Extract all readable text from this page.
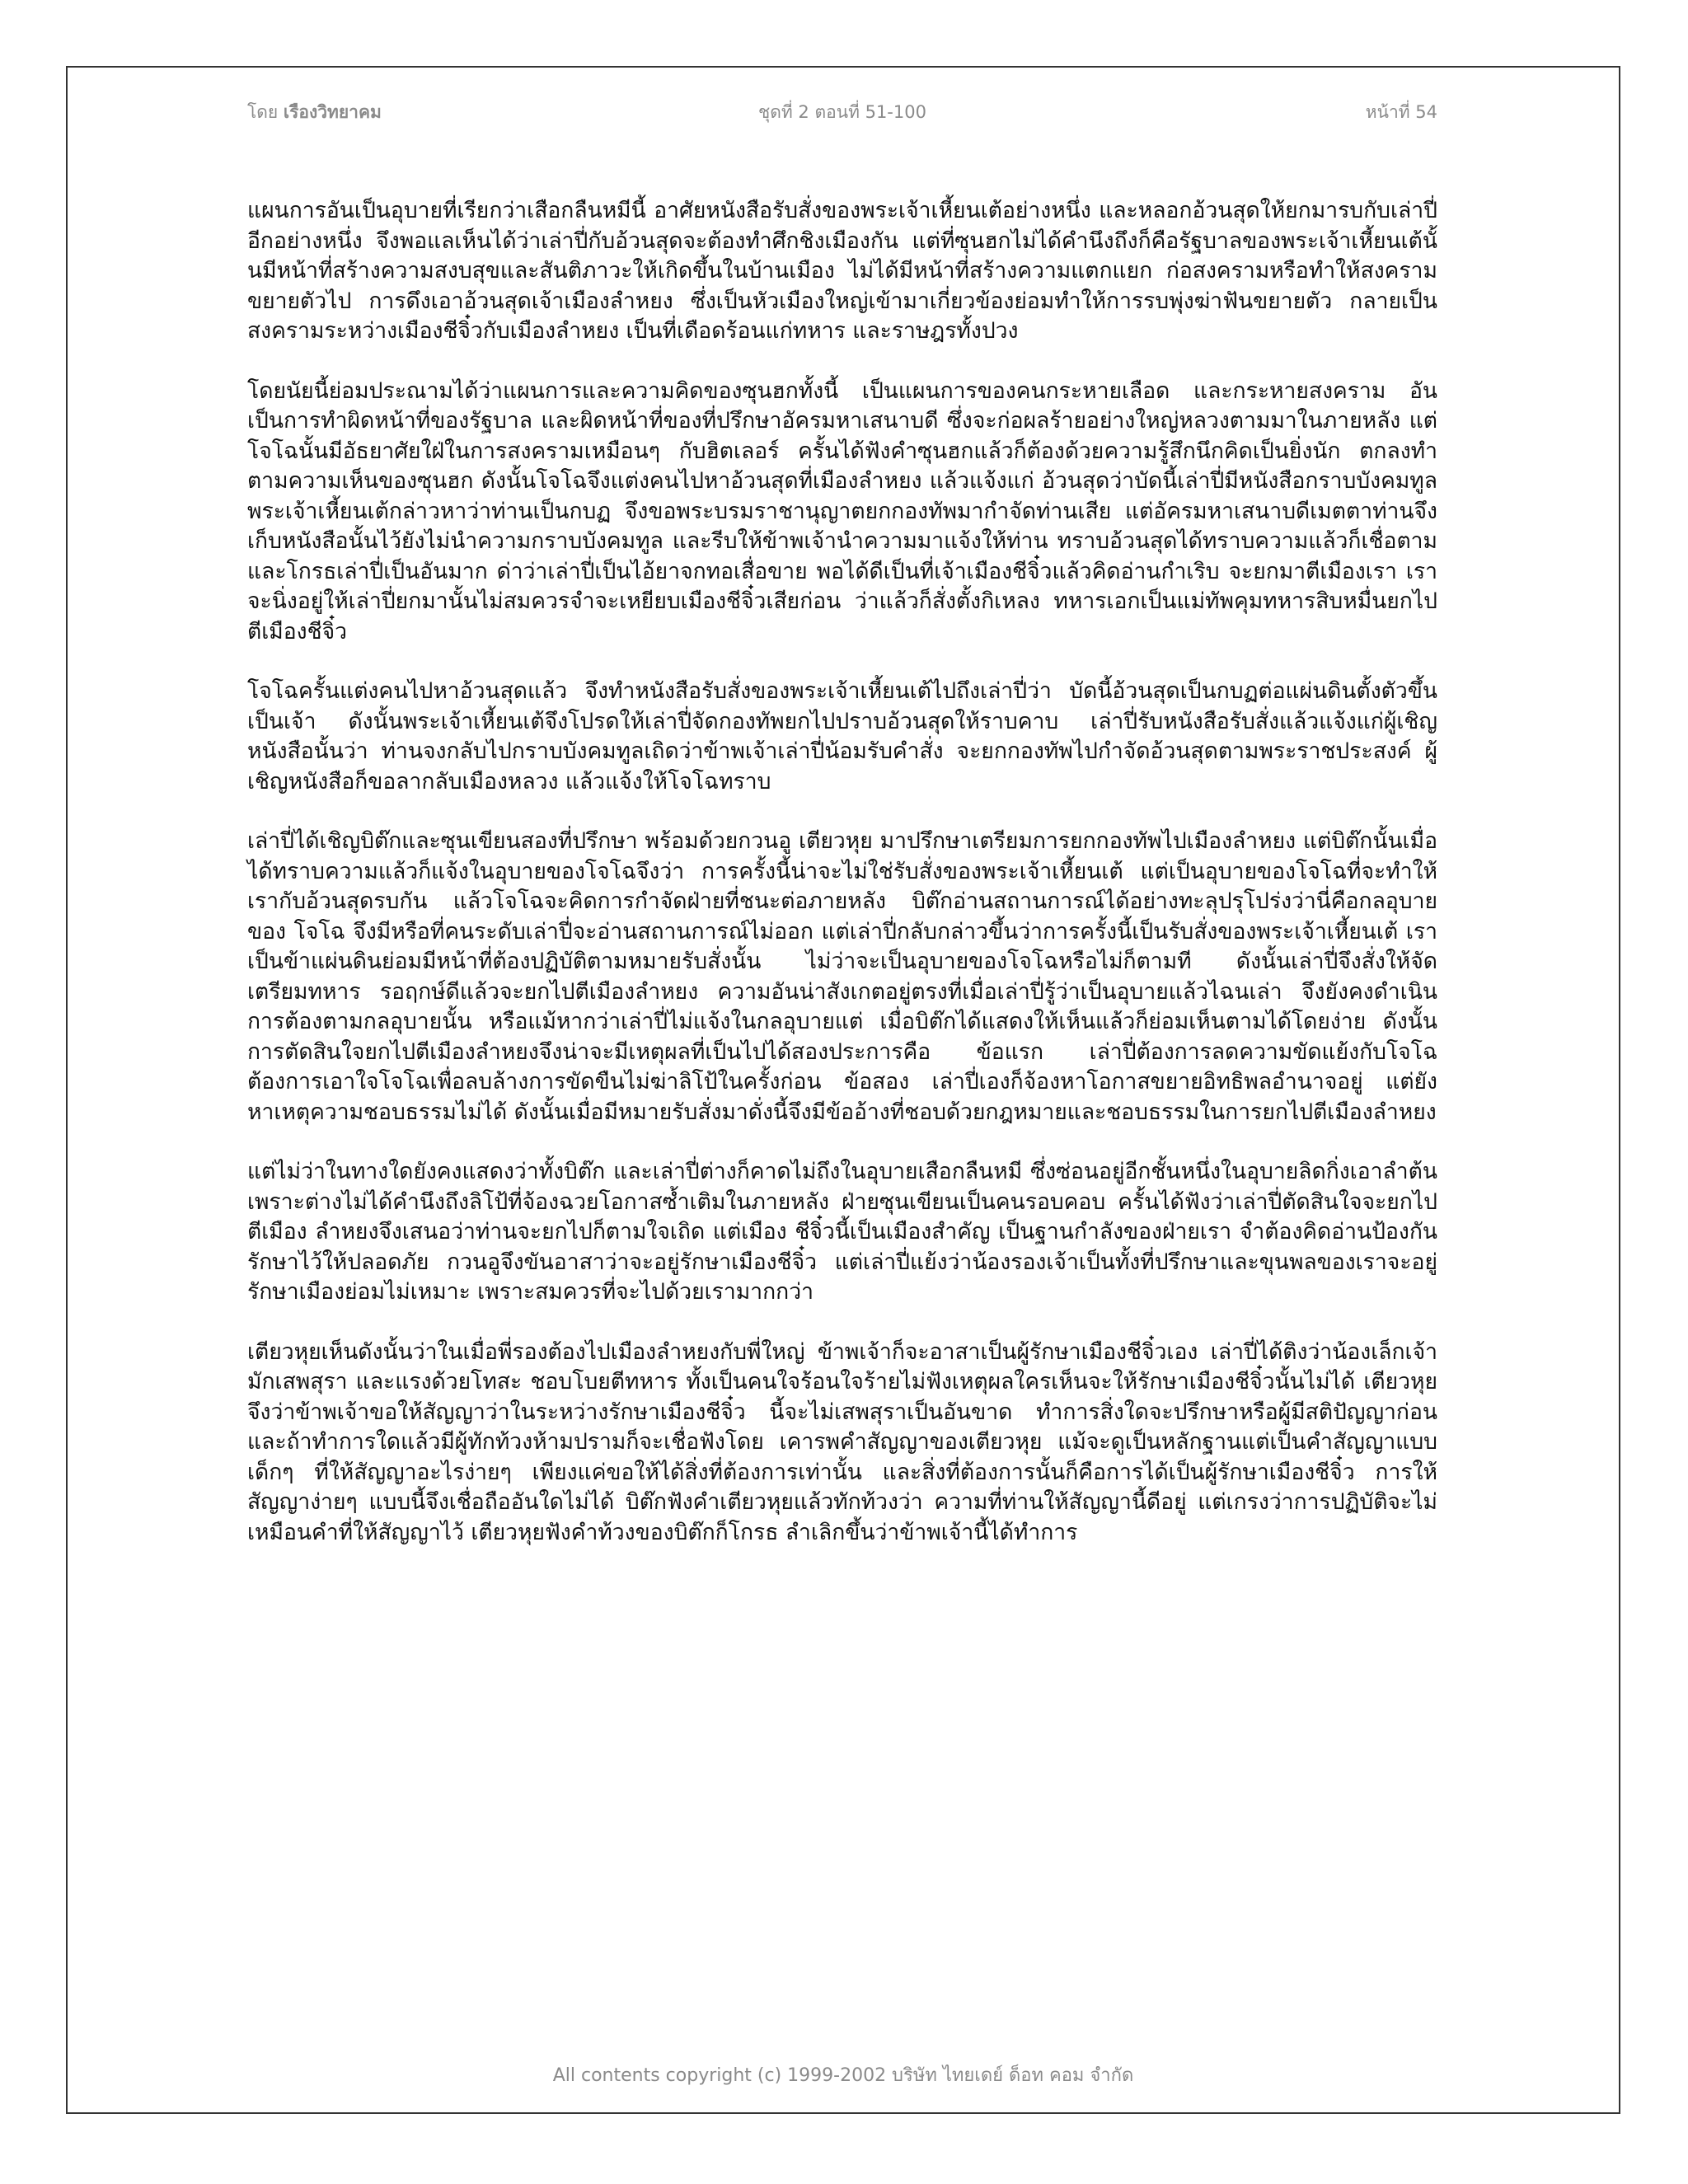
โดย เรืองวิทยาคม	ชุดที่ 2 ตอนที่ 51-100	หน้าที่ 54

แผนการอันเป็นอุบายที่เรียกว่าเสือกลืนหมีนี้ อาศัยหนังสือรับสั่งของพระเจ้าเหี้ยนเต้อย่างหนึ่ง และหลอกอ้วนสุดให้ยกมารบกับเล่าปี่อีกอย่างหนึ่ง จึงพอแลเห็นได้ว่าเล่าปี่กับอ้วนสุดจะต้องทำศึกชิงเมืองกัน แต่ที่ซุนฮกไม่ได้คำนึงถึงก็คือรัฐบาลของพระเจ้าเหี้ยนเต้นั้นมีหน้าที่สร้างความสงบสุขและสันติภาวะให้เกิดขึ้นในบ้านเมือง ไม่ได้มีหน้าที่สร้างความแตกแยก ก่อสงครามหรือทำให้สงครามขยายตัวไป การดึงเอาอ้วนสุดเจ้าเมืองลำหยง ซึ่งเป็นหัวเมืองใหญ่เข้ามาเกี่ยวข้องย่อมทำให้การรบพุ่งฆ่าฟันขยายตัว กลายเป็นสงครามระหว่างเมืองชีจิ๋วกับเมืองลำหยง เป็นที่เดือดร้อนแก่ทหาร และราษฎรทั้งปวง

โดยนัยนี้ย่อมประณามได้ว่าแผนการและความคิดของซุนฮกทั้งนี้ เป็นแผนการของคนกระหายเลือด และกระหายสงคราม อันเป็นการทำผิดหน้าที่ของรัฐบาล และผิดหน้าที่ของที่ปรึกษาอัครมหาเสนาบดี ซึ่งจะก่อผลร้ายอย่างใหญ่หลวงตามมาในภายหลัง แต่โจโฉนั้นมีอัธยาศัยใฝ่ในการสงครามเหมือนๆ กับฮิตเลอร์ ครั้นได้ฟังคำซุนฮกแล้วก็ต้องด้วยความรู้สึกนึกคิดเป็นยิ่งนัก ตกลงทำตามความเห็นของซุนฮก ดังนั้นโจโฉจึงแต่งคนไปหาอ้วนสุดที่เมืองลำหยง แล้วแจ้งแก่ อ้วนสุดว่าบัดนี้เล่าปี่มีหนังสือกราบบังคมทูลพระเจ้าเหี้ยนเต้กล่าวหาว่าท่านเป็นกบฏ จึงขอพระบรมราชานุญาตยกกองทัพมากำจัดท่านเสีย แต่อัครมหาเสนาบดีเมตตาท่านจึงเก็บหนังสือนั้นไว้ยังไม่นำความกราบบังคมทูล และรีบให้ข้าพเจ้านำความมาแจ้งให้ท่าน ทราบอ้วนสุดได้ทราบความแล้วก็เชื่อตาม และโกรธเล่าปี่เป็นอันมาก ด่าว่าเล่าปี่เป็นไอ้ยาจกทอเสื่อขาย พอได้ดีเป็นที่เจ้าเมืองชีจิ๋วแล้วคิดอ่านกำเริบ จะยกมาตีเมืองเรา เราจะนิ่งอยู่ให้เล่าปี่ยกมานั้นไม่สมควรจำจะเหยียบเมืองชีจิ๋วเสียก่อน ว่าแล้วก็สั่งตั้งกิเหลง ทหารเอกเป็นแม่ทัพคุมทหารสิบหมื่นยกไปตีเมืองชีจิ๋ว

โจโฉครั้นแต่งคนไปหาอ้วนสุดแล้ว จึงทำหนังสือรับสั่งของพระเจ้าเหี้ยนเต้ไปถึงเล่าปี่ว่า บัดนี้อ้วนสุดเป็นกบฏต่อแผ่นดินตั้งตัวขึ้นเป็นเจ้า ดังนั้นพระเจ้าเหี้ยนเต้จึงโปรดให้เล่าปี่จัดกองทัพยกไปปราบอ้วนสุดให้ราบคาบ เล่าปี่รับหนังสือรับสั่งแล้วแจ้งแก่ผู้เชิญหนังสือนั้นว่า ท่านจงกลับไปกราบบังคมทูลเถิดว่าข้าพเจ้าเล่าปี่น้อมรับคำสั่ง จะยกกองทัพไปกำจัดอ้วนสุดตามพระราชประสงค์ ผู้เชิญหนังสือก็ขอลากลับเมืองหลวง แล้วแจ้งให้โจโฉทราบ

เล่าปี่ได้เชิญบิต๊กและซุนเขียนสองที่ปรึกษา พร้อมด้วยกวนอู เตียวหุย มาปรึกษาเตรียมการยกกองทัพไปเมืองลำหยง แต่บิต๊กนั้นเมื่อได้ทราบความแล้วก็แจ้งในอุบายของโจโฉจึงว่า การครั้งนี้น่าจะไม่ใช่รับสั่งของพระเจ้าเหี้ยนเต้ แต่เป็นอุบายของโจโฉที่จะทำให้เรากับอ้วนสุดรบกัน แล้วโจโฉจะคิดการกำจัดฝ่ายที่ชนะต่อภายหลัง บิต๊กอ่านสถานการณ์ได้อย่างทะลุปรุโปร่งว่านี่คือกลอุบายของ โจโฉ จึงมีหรือที่คนระดับเล่าปี่จะอ่านสถานการณ์ไม่ออก แต่เล่าปี่กลับกล่าวขึ้นว่าการครั้งนี้เป็นรับสั่งของพระเจ้าเหี้ยนเต้ เราเป็นข้าแผ่นดินย่อมมีหน้าที่ต้องปฏิบัติตามหมายรับสั่งนั้น ไม่ว่าจะเป็นอุบายของโจโฉหรือไม่ก็ตามที ดังนั้นเล่าปี่จึงสั่งให้จัดเตรียมทหาร รอฤกษ์ดีแล้วจะยกไปตีเมืองลำหยง ความอันน่าสังเกตอยู่ตรงที่เมื่อเล่าปี่รู้ว่าเป็นอุบายแล้วไฉนเล่า จึงยังคงดำเนินการต้องตามกลอุบายนั้น หรือแม้หากว่าเล่าปี่ไม่แจ้งในกลอุบายแต่ เมื่อบิต๊กได้แสดงให้เห็นแล้วก็ย่อมเห็นตามได้โดยง่าย ดังนั้นการตัดสินใจยกไปตีเมืองลำหยงจึงน่าจะมีเหตุผลที่เป็นไปได้สองประการคือ ข้อแรก เล่าปี่ต้องการลดความขัดแย้งกับโจโฉ ต้องการเอาใจโจโฉเพื่อลบล้างการขัดขืนไม่ฆ่าลิโป้ในครั้งก่อน ข้อสอง เล่าปี่เองก็จ้องหาโอกาสขยายอิทธิพลอำนาจอยู่ แต่ยังหาเหตุความชอบธรรมไม่ได้ ดังนั้นเมื่อมีหมายรับสั่งมาดั่งนี้จึงมีข้ออ้างที่ชอบด้วยกฎหมายและชอบธรรมในการยกไปตีเมืองลำหยง

แต่ไม่ว่าในทางใดยังคงแสดงว่าทั้งบิต๊ก และเล่าปี่ต่างก็คาดไม่ถึงในอุบายเสือกลืนหมี ซึ่งซ่อนอยู่อีกชั้นหนึ่งในอุบายลิดกิ่งเอาลำต้น เพราะต่างไม่ได้คำนึงถึงลิโป้ที่จ้องฉวยโอกาสซ้ำเติมในภายหลัง ฝ่ายซุนเขียนเป็นคนรอบคอบ ครั้นได้ฟังว่าเล่าปี่ตัดสินใจจะยกไปตีเมือง ลำหยงจึงเสนอว่าท่านจะยกไปก็ตามใจเถิด แต่เมือง ชีจิ๋วนี้เป็นเมืองสำคัญ เป็นฐานกำลังของฝ่ายเรา จำต้องคิดอ่านป้องกันรักษาไว้ให้ปลอดภัย กวนอูจึงขันอาสาว่าจะอยู่รักษาเมืองชีจิ๋ว แต่เล่าปี่แย้งว่าน้องรองเจ้าเป็นทั้งที่ปรึกษาและขุนพลของเราจะอยู่รักษาเมืองย่อมไม่เหมาะ เพราะสมควรที่จะไปด้วยเรามากกว่า

เตียวหุยเห็นดังนั้นว่าในเมื่อพี่รองต้องไปเมืองลำหยงกับพี่ใหญ่ ข้าพเจ้าก็จะอาสาเป็นผู้รักษาเมืองชีจิ๋วเอง เล่าปี่ได้ติงว่าน้องเล็กเจ้ามักเสพสุรา และแรงด้วยโทสะ ชอบโบยตีทหาร ทั้งเป็นคนใจร้อนใจร้ายไม่ฟังเหตุผลใครเห็นจะให้รักษาเมืองชีจิ๋วนั้นไม่ได้ เตียวหุยจึงว่าข้าพเจ้าขอให้สัญญาว่าในระหว่างรักษาเมืองชีจิ๋ว นี้จะไม่เสพสุราเป็นอันขาด ทำการสิ่งใดจะปรึกษาหรือผู้มีสติปัญญาก่อน และถ้าทำการใดแล้วมีผู้ทักท้วงห้ามปรามก็จะเชื่อฟังโดย เคารพคำสัญญาของเตียวหุย แม้จะดูเป็นหลักฐานแต่เป็นคำสัญญาแบบเด็กๆ ที่ให้สัญญาอะไรง่ายๆ เพียงแค่ขอให้ได้สิ่งที่ต้องการเท่านั้น และสิ่งที่ต้องการนั้นก็คือการได้เป็นผู้รักษาเมืองชีจิ๋ว การให้สัญญาง่ายๆ แบบนี้จึงเชื่อถืออันใดไม่ได้ บิต๊กฟังคำเตียวหุยแล้วทักท้วงว่า ความที่ท่านให้สัญญานี้ดีอยู่ แต่เกรงว่าการปฏิบัติจะไม่เหมือนคำที่ให้สัญญาไว้ เตียวหุยฟังคำท้วงของบิต๊กก็โกรธ ลำเลิกขึ้นว่าข้าพเจ้านี้ได้ทำการ

All contents copyright (c) 1999-2002 บริษัท ไทยเดย์ ด็อท คอม จำกัด
